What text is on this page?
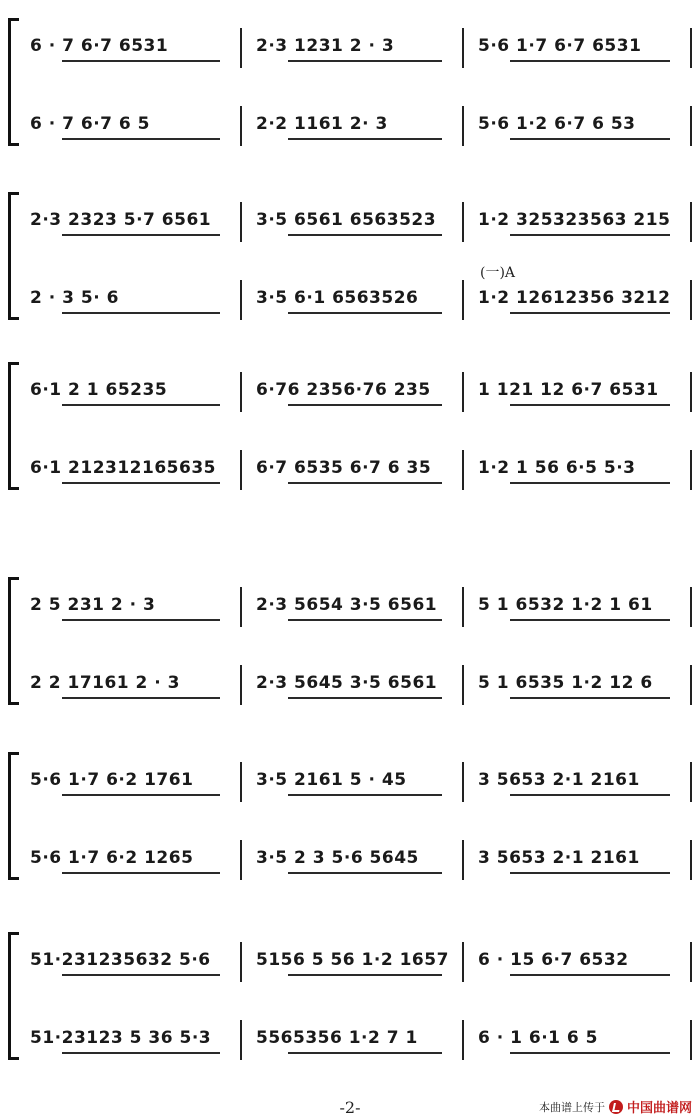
(一)A
6 · 7 6·7 6531	2·3 1231 2 · 3	5·6 1·7 6·7 6531
6 · 7 6·7 6 5	2·2 1161 2· 3	5·6 1·2 6·7 6 53
2·3 2323 5·7 6561	3·5 6561 6563523 1·2 325323563 215
2 · 3 5· 6	3·5 6·1 6563526	1·2 12612356 3212
6·1 2 1 65235	6·76 2356·76 235	1 121 12 6·7 6531
6·1 212312165635 6·7 6535 6·7 6 35	1·2 1 56 6·5 5·3
2 5 231 2 · 3	2·3 5654 3·5 6561 5 1 6532 1·2 1 61
2 2 17161 2 · 3	2·3 5645 3·5 6561 5 1 6535 1·2 12 6
5·6 1·7 6·2 1761	3·5 2161 5 · 45	3 5653 2·1 2161
5·6 1·7 6·2 1265	3·5 2 3 5·6 5645	3 5653 2·1 2161
51·231235632 5·6	5156 5 56 1·2 1657 6 · 15 6·7 6532
51·23123 5 36 5·3	5565356 1·2 7 1	6 · 1 6·1 6 5
-2-	本曲谱上传于 中国曲谱网
